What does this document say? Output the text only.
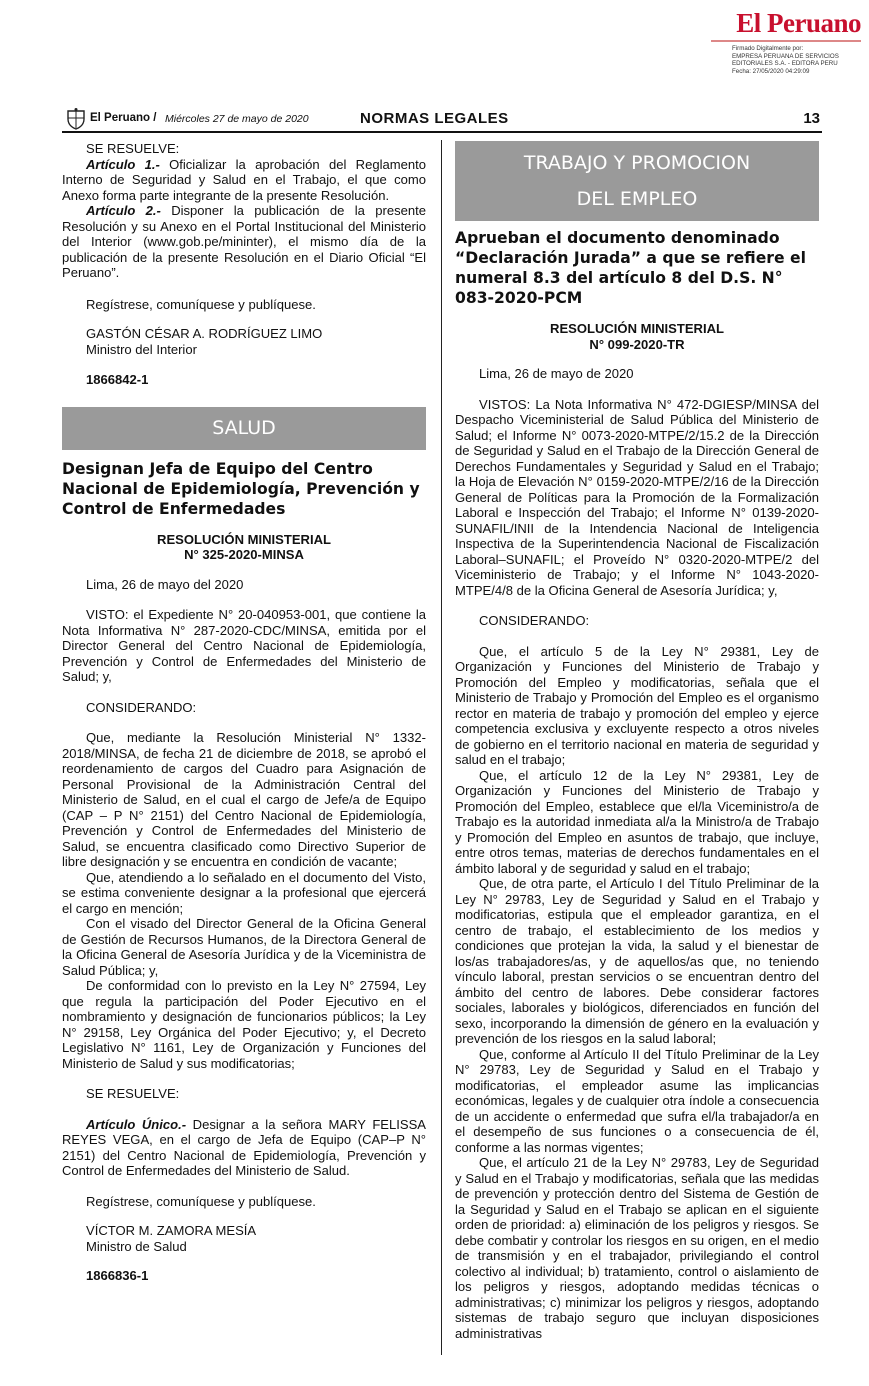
El Peruano
Firmado Digitalmente por:
EMPRESA PERUANA DE SERVICIOS
EDITORIALES S.A. - EDITORA PERU
Fecha: 27/05/2020 04:29:09
El Peruano / Miércoles 27 de mayo de 2020	NORMAS LEGALES	13

SE RESUELVE:

Artículo 1.- Oficializar la aprobación del Reglamento Interno de Seguridad y Salud en el Trabajo, el que como Anexo forma parte integrante de la presente Resolución.

Artículo 2.- Disponer la publicación de la presente Resolución y su Anexo en el Portal Institucional del Ministerio del Interior (www.gob.pe/mininter), el mismo día de la publicación de la presente Resolución en el Diario Oficial “El Peruano”.

Regístrese, comuníquese y publíquese.

GASTÓN CÉSAR A. RODRÍGUEZ LIMO

Ministro del Interior

1866842-1

SALUD

Designan Jefa de Equipo del Centro Nacional de Epidemiología, Prevención y Control de Enfermedades

RESOLUCIÓN MINISTERIAL

N° 325-2020-MINSA

Lima, 26 de mayo del 2020

VISTO: el Expediente N° 20-040953-001, que contiene la Nota Informativa N° 287-2020-CDC/MINSA, emitida por el Director General del Centro Nacional de Epidemiología, Prevención y Control de Enfermedades del Ministerio de Salud; y,

CONSIDERANDO:

Que, mediante la Resolución Ministerial N° 1332-2018/MINSA, de fecha 21 de diciembre de 2018, se aprobó el reordenamiento de cargos del Cuadro para Asignación de Personal Provisional de la Administración Central del Ministerio de Salud, en el cual el cargo de Jefe/a de Equipo (CAP – P N° 2151) del Centro Nacional de Epidemiología, Prevención y Control de Enfermedades del Ministerio de Salud, se encuentra clasificado como Directivo Superior de libre designación y se encuentra en condición de vacante;

Que, atendiendo a lo señalado en el documento del Visto, se estima conveniente designar a la profesional que ejercerá el cargo en mención;

Con el visado del Director General de la Oficina General de Gestión de Recursos Humanos, de la Directora General de la Oficina General de Asesoría Jurídica y de la Viceministra de Salud Pública; y,

De conformidad con lo previsto en la Ley N° 27594, Ley que regula la participación del Poder Ejecutivo en el nombramiento y designación de funcionarios públicos; la Ley N° 29158, Ley Orgánica del Poder Ejecutivo; y, el Decreto Legislativo N° 1161, Ley de Organización y Funciones del Ministerio de Salud y sus modificatorias;

SE RESUELVE:

Artículo Único.- Designar a la señora MARY FELISSA REYES VEGA, en el cargo de Jefa de Equipo (CAP–P N° 2151) del Centro Nacional de Epidemiología, Prevención y Control de Enfermedades del Ministerio de Salud.

Regístrese, comuníquese y publíquese.

VÍCTOR M. ZAMORA MESÍA

Ministro de Salud

1866836-1

TRABAJO Y PROMOCION
DEL EMPLEO

Aprueban el documento denominado “Declaración Jurada” a que se refiere el numeral 8.3 del artículo 8 del D.S. N° 083-2020-PCM

RESOLUCIÓN MINISTERIAL

N° 099-2020-TR

Lima, 26 de mayo de 2020

VISTOS: La Nota Informativa N° 472-DGIESP/MINSA del Despacho Viceministerial de Salud Pública del Ministerio de Salud; el Informe N° 0073-2020-MTPE/2/15.2 de la Dirección de Seguridad y Salud en el Trabajo de la Dirección General de Derechos Fundamentales y Seguridad y Salud en el Trabajo; la Hoja de Elevación N° 0159-2020-MTPE/2/16 de la Dirección General de Políticas para la Promoción de la Formalización Laboral e Inspección del Trabajo; el Informe N° 0139-2020-SUNAFIL/INII de la Intendencia Nacional de Inteligencia Inspectiva de la Superintendencia Nacional de Fiscalización Laboral–SUNAFIL; el Proveído N° 0320-2020-MTPE/2 del Viceministerio de Trabajo; y el Informe N° 1043-2020- MTPE/4/8 de la Oficina General de Asesoría Jurídica; y,

CONSIDERANDO:

Que, el artículo 5 de la Ley N° 29381, Ley de Organización y Funciones del Ministerio de Trabajo y Promoción del Empleo y modificatorias, señala que el Ministerio de Trabajo y Promoción del Empleo es el organismo rector en materia de trabajo y promoción del empleo y ejerce competencia exclusiva y excluyente respecto a otros niveles de gobierno en el territorio nacional en materia de seguridad y salud en el trabajo;

Que, el artículo 12 de la Ley N° 29381, Ley de Organización y Funciones del Ministerio de Trabajo y Promoción del Empleo, establece que el/la Viceministro/a de Trabajo es la autoridad inmediata al/a la Ministro/a de Trabajo y Promoción del Empleo en asuntos de trabajo, que incluye, entre otros temas, materias de derechos fundamentales en el ámbito laboral y de seguridad y salud en el trabajo;

Que, de otra parte, el Artículo I del Título Preliminar de la Ley N° 29783, Ley de Seguridad y Salud en el Trabajo y modificatorias, estipula que el empleador garantiza, en el centro de trabajo, el establecimiento de los medios y condiciones que protejan la vida, la salud y el bienestar de los/as trabajadores/as, y de aquellos/as que, no teniendo vínculo laboral, prestan servicios o se encuentran dentro del ámbito del centro de labores. Debe considerar factores sociales, laborales y biológicos, diferenciados en función del sexo, incorporando la dimensión de género en la evaluación y prevención de los riesgos en la salud laboral;

Que, conforme al Artículo II del Título Preliminar de la Ley N° 29783, Ley de Seguridad y Salud en el Trabajo y modificatorias, el empleador asume las implicancias económicas, legales y de cualquier otra índole a consecuencia de un accidente o enfermedad que sufra el/la trabajador/a en el desempeño de sus funciones o a consecuencia de él, conforme a las normas vigentes;

Que, el artículo 21 de la Ley N° 29783, Ley de Seguridad y Salud en el Trabajo y modificatorias, señala que las medidas de prevención y protección dentro del Sistema de Gestión de la Seguridad y Salud en el Trabajo se aplican en el siguiente orden de prioridad: a) eliminación de los peligros y riesgos. Se debe combatir y controlar los riesgos en su origen, en el medio de transmisión y en el trabajador, privilegiando el control colectivo al individual; b) tratamiento, control o aislamiento de los peligros y riesgos, adoptando medidas técnicas o administrativas; c) minimizar los peligros y riesgos, adoptando sistemas de trabajo seguro que incluyan disposiciones administrativas
